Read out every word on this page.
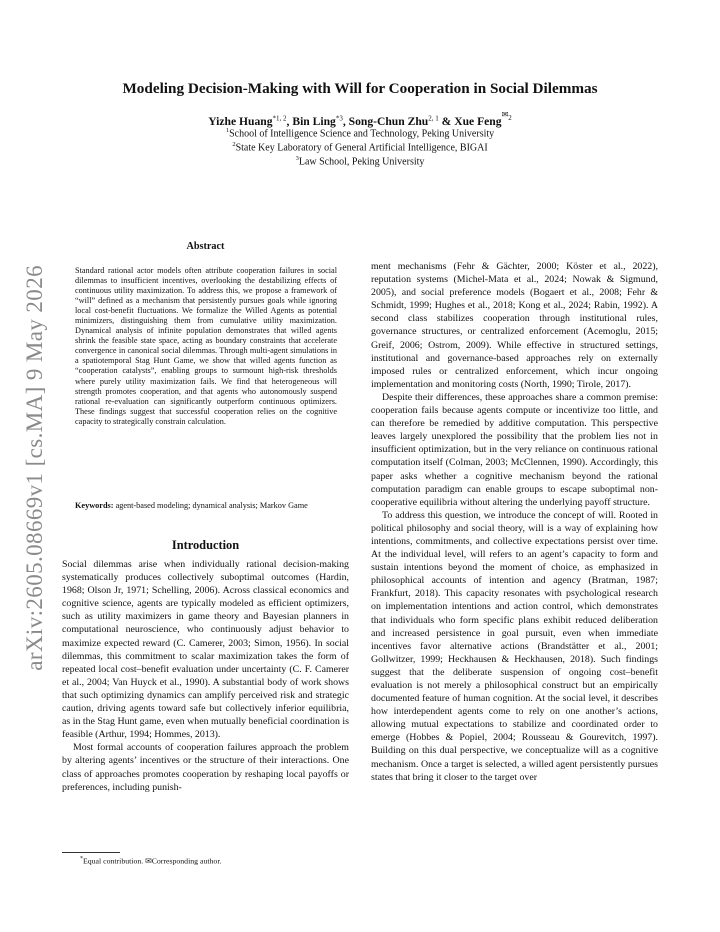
arXiv:2605.08669v1 [cs.MA] 9 May 2026
Modeling Decision-Making with Will for Cooperation in Social Dilemmas
Yizhe Huang$^{*1, 2}$, Bin Ling$^{*3}$, Song-Chun Zhu$^{2, 1}$ & Xue Feng$^{✉2}$
$^1$School of Intelligence Science and Technology, Peking University
$^2$State Key Laboratory of General Artificial Intelligence, BIGAI
$^3$Law School, Peking University
Abstract
Standard rational actor models often attribute cooperation failures in social dilemmas to insufficient incentives, overlooking the destabilizing effects of continuous utility maximization. To address this, we propose a framework of “will” defined as a mechanism that persistently pursues goals while ignoring local cost-benefit fluctuations. We formalize the Willed Agents as potential minimizers, distinguishing them from cumulative utility maximization. Dynamical analysis of infinite population demonstrates that willed agents shrink the feasible state space, acting as boundary constraints that accelerate convergence in canonical social dilemmas. Through multi-agent simulations in a spatiotemporal Stag Hunt Game, we show that willed agents function as “cooperation catalysts”, enabling groups to surmount high-risk thresholds where purely utility maximization fails. We find that heterogeneous will strength promotes cooperation, and that agents who autonomously suspend rational re-evaluation can significantly outperform continuous optimizers. These findings suggest that successful cooperation relies on the cognitive capacity to strategically constrain calculation.
Keywords: agent-based modeling; dynamical analysis; Markov Game
Introduction

Social dilemmas arise when individually rational decision-making systematically produces collectively suboptimal outcomes (Hardin, 1968; Olson Jr, 1971; Schelling, 2006). Across classical economics and cognitive science, agents are typically modeled as efficient optimizers, such as utility maximizers in game theory and Bayesian planners in computational neuroscience, who continuously adjust behavior to maximize expected reward (C. Camerer, 2003; Simon, 1956). In social dilemmas, this commitment to scalar maximization takes the form of repeated local cost–benefit evaluation under uncertainty (C. F. Camerer et al., 2004; Van Huyck et al., 1990). A substantial body of work shows that such optimizing dynamics can amplify perceived risk and strategic caution, driving agents toward safe but collectively inferior equilibria, as in the Stag Hunt game, even when mutually beneficial coordination is feasible (Arthur, 1994; Hommes, 2013).

Most formal accounts of cooperation failures approach the problem by altering agents’ incentives or the structure of their interactions. One class of approaches promotes cooperation by reshaping local payoffs or preferences, including punish-

ment mechanisms (Fehr & Gächter, 2000; Köster et al., 2022), reputation systems (Michel-Mata et al., 2024; Nowak & Sigmund, 2005), and social preference models (Bogaert et al., 2008; Fehr & Schmidt, 1999; Hughes et al., 2018; Kong et al., 2024; Rabin, 1992). A second class stabilizes cooperation through institutional rules, governance structures, or centralized enforcement (Acemoglu, 2015; Greif, 2006; Ostrom, 2009). While effective in structured settings, institutional and governance-based approaches rely on externally imposed rules or centralized enforcement, which incur ongoing implementation and monitoring costs (North, 1990; Tirole, 2017).

Despite their differences, these approaches share a common premise: cooperation fails because agents compute or incentivize too little, and can therefore be remedied by additive computation. This perspective leaves largely unexplored the possibility that the problem lies not in insufficient optimization, but in the very reliance on continuous rational computation itself (Colman, 2003; McClennen, 1990). Accordingly, this paper asks whether a cognitive mechanism beyond the rational computation paradigm can enable groups to escape suboptimal non-cooperative equilibria without altering the underlying payoff structure.

To address this question, we introduce the concept of will. Rooted in political philosophy and social theory, will is a way of explaining how intentions, commitments, and collective expectations persist over time. At the individual level, will refers to an agent’s capacity to form and sustain intentions beyond the moment of choice, as emphasized in philosophical accounts of intention and agency (Bratman, 1987; Frankfurt, 2018). This capacity resonates with psychological research on implementation intentions and action control, which demonstrates that individuals who form specific plans exhibit reduced deliberation and increased persistence in goal pursuit, even when immediate incentives favor alternative actions (Brandstätter et al., 2001; Gollwitzer, 1999; Heckhausen & Heckhausen, 2018). Such findings suggest that the deliberate suspension of ongoing cost–benefit evaluation is not merely a philosophical construct but an empirically documented feature of human cognition. At the social level, it describes how interdependent agents come to rely on one another’s actions, allowing mutual expectations to stabilize and coordinated order to emerge (Hobbes & Popiel, 2004; Rousseau & Gourevitch, 1997). Building on this dual perspective, we conceptualize will as a cognitive mechanism. Once a target is selected, a willed agent persistently pursues states that bring it closer to the target over

*Equal contribution. ✉Corresponding author.
